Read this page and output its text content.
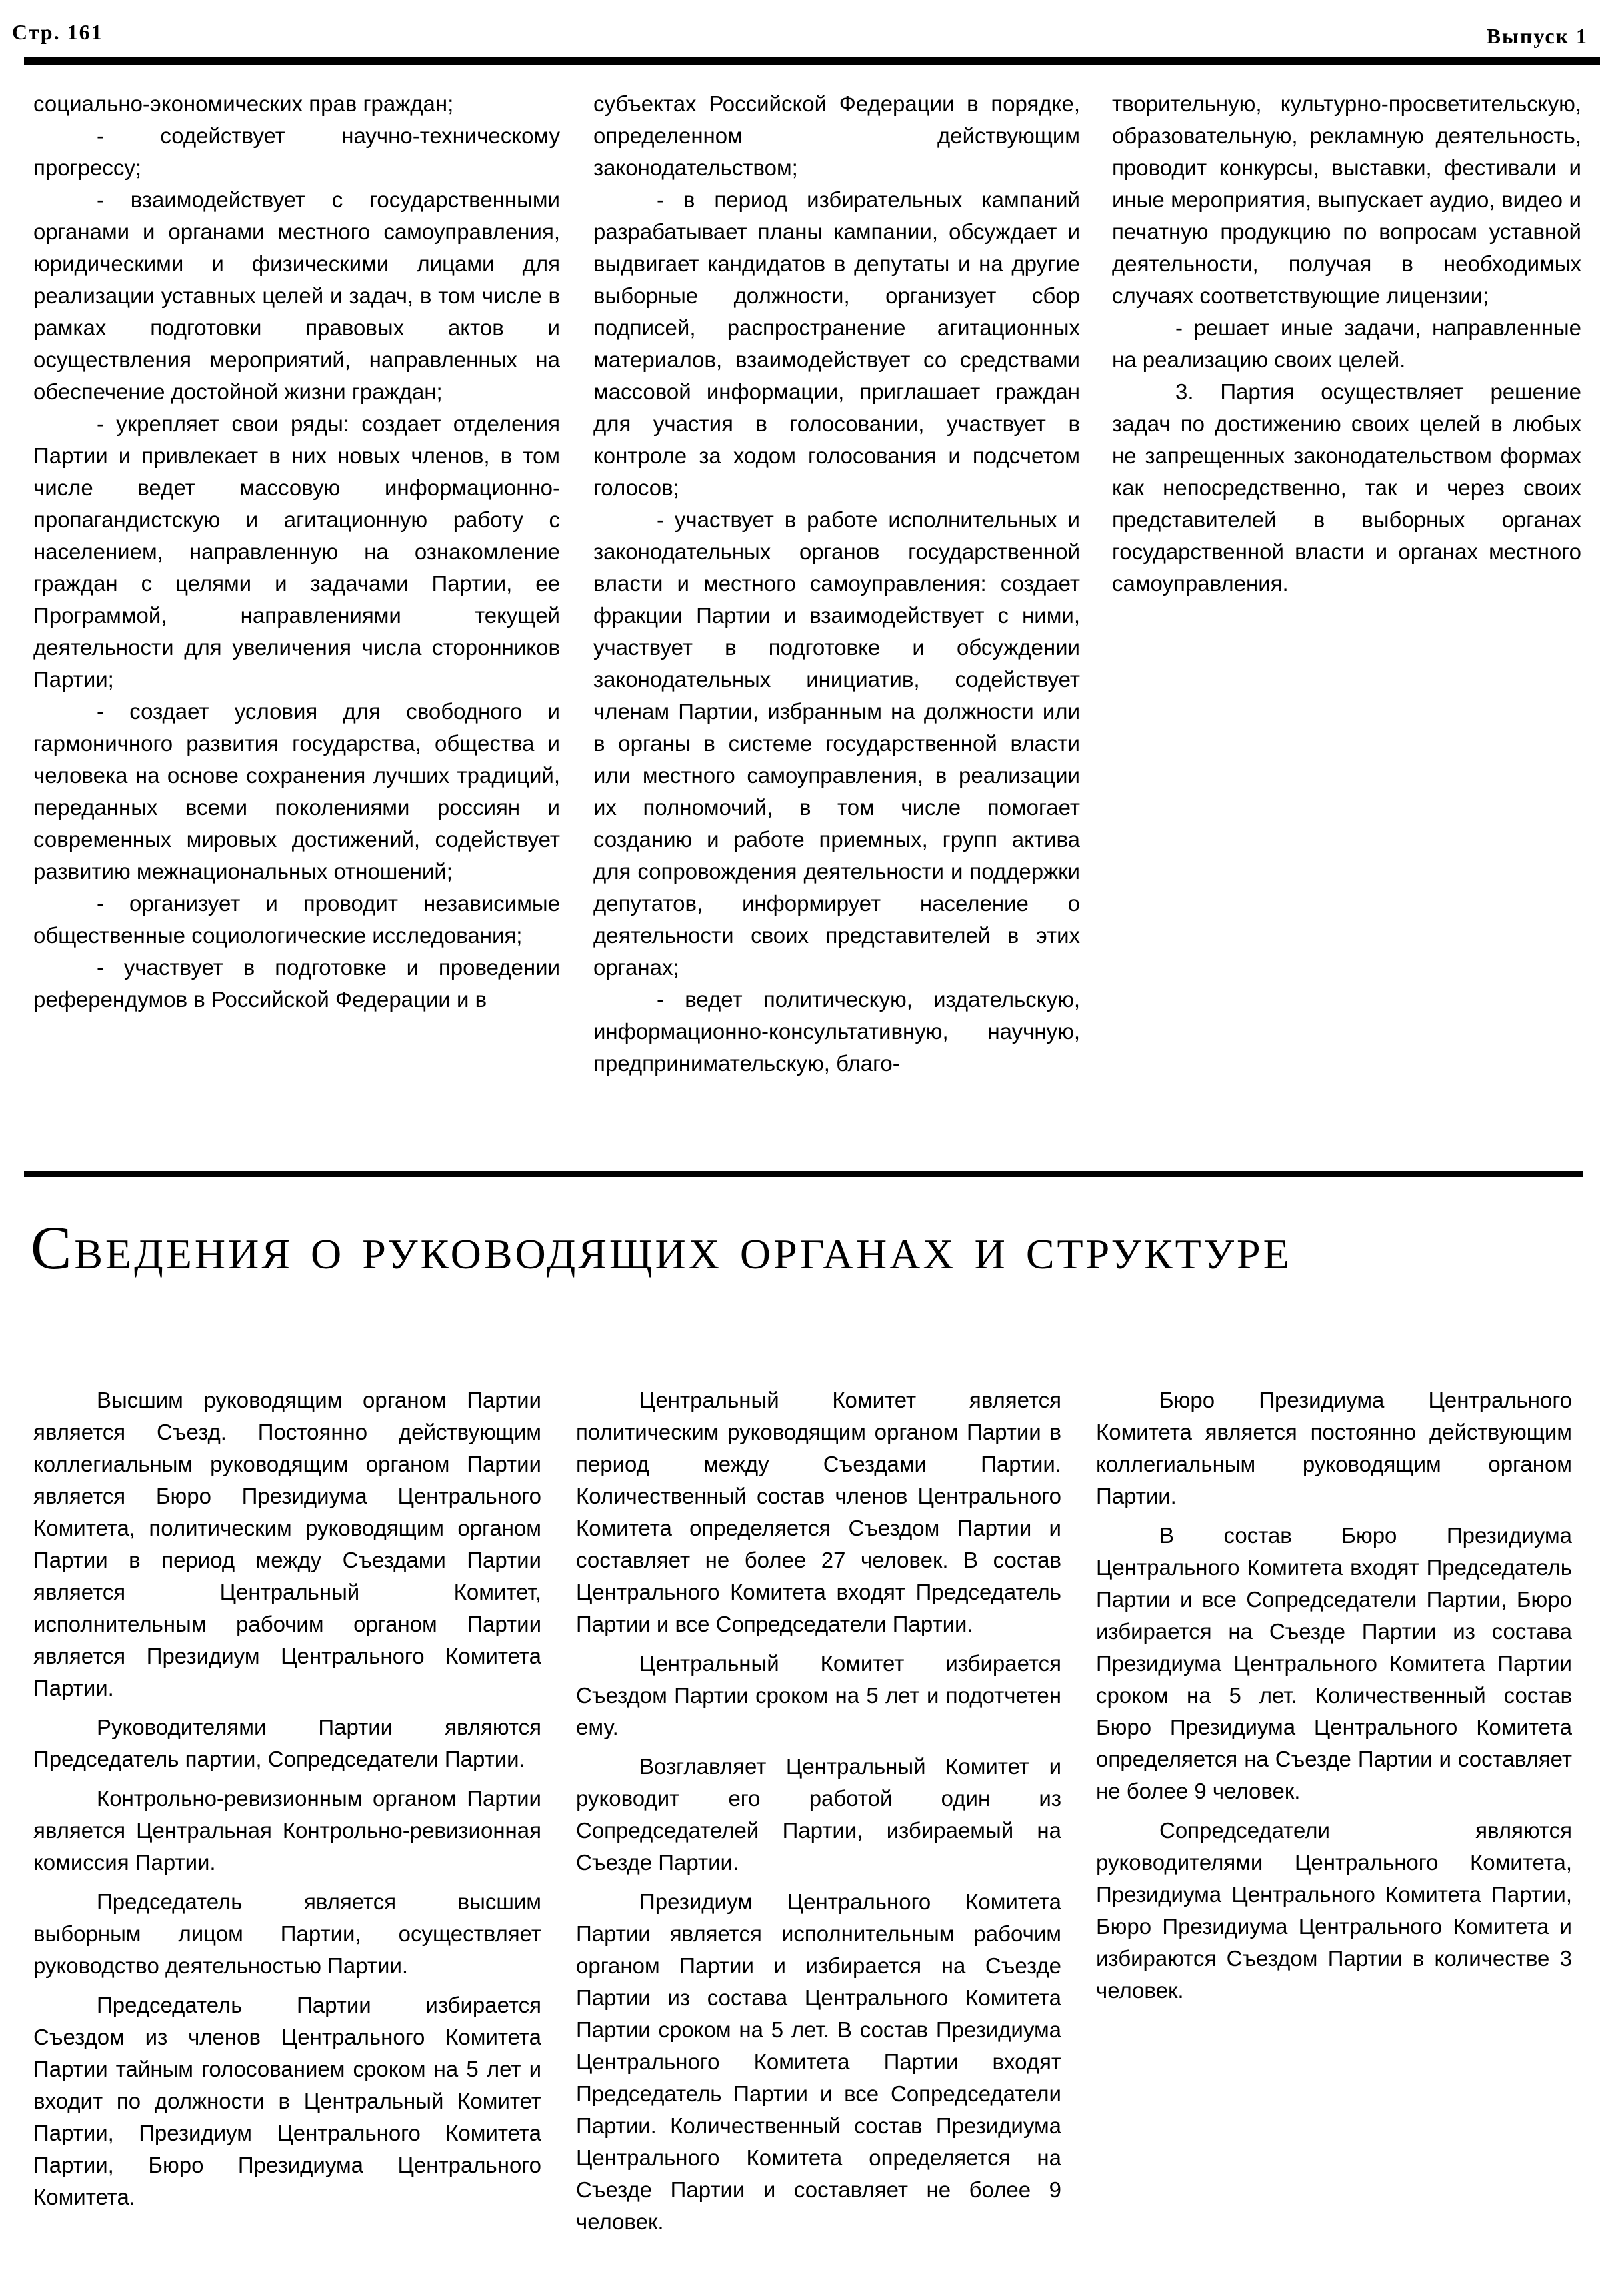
Стр. 161	Выпуск 1

социально-экономических прав граждан;

- содействует научно-техническому прогрессу;

- взаимодействует с государственными органами и органами местного самоуправления, юридическими и физическими лицами для реализации уставных целей и задач, в том числе в рамках подготовки правовых актов и осуществления мероприятий, направленных на обеспечение достойной жизни граждан;

- укрепляет свои ряды: создает отделения Партии и привлекает в них новых членов, в том числе ведет массовую информационно-пропагандистскую и агитационную работу с населением, направленную на ознакомление граждан с целями и задачами Партии, ее Программой, направлениями текущей деятельности для увеличения числа сторонников Партии;

- создает условия для свободного и гармоничного развития государства, общества и человека на основе сохранения лучших традиций, переданных всеми поколениями россиян и современных мировых достижений, содействует развитию межнациональных отношений;

- организует и проводит независимые общественные социологические исследования;

- участвует в подготовке и проведении референдумов в Российской Федерации и в

субъектах Российской Федерации в порядке, определенном действующим законодательством;

- в период избирательных кампаний разрабатывает планы кампании, обсуждает и выдвигает кандидатов в депутаты и на другие выборные должности, организует сбор подписей, распространение агитационных материалов, взаимодействует со средствами массовой информации, приглашает граждан для участия в голосовании, участвует в контроле за ходом голосования и подсчетом голосов;

- участвует в работе исполнительных и законодательных органов государственной власти и местного самоуправления: создает фракции Партии и взаимодействует с ними, участвует в подготовке и обсуждении законодательных инициатив, содействует членам Партии, избранным на должности или в органы в системе государственной власти или местного самоуправления, в реализации их полномочий, в том числе помогает созданию и работе приемных, групп актива для сопровождения деятельности и поддержки депутатов, информирует население о деятельности своих представителей в этих органах;

- ведет политическую, издательскую, информационно-консультативную, научную, предпринимательскую, благо-

творительную, культурно-просветительскую, образовательную, рекламную деятельность, проводит конкурсы, выставки, фестивали и иные мероприятия, выпускает аудио, видео и печатную продукцию по вопросам уставной деятельности, получая в необходимых случаях соответствующие лицензии;

- решает иные задачи, направленные на реализацию своих целей.

3. Партия осуществляет решение задач по достижению своих целей в любых не запрещенных законодательством формах как непосредственно, так и через своих представителей в выборных органах государственной власти и органах местного самоуправления.

Сведения о руководящих органах и структуре

Высшим руководящим органом Партии является Съезд. Постоянно действующим коллегиальным руководящим органом Партии является Бюро Президиума Центрального Комитета, политическим руководящим органом Партии в период между Съездами Партии является Центральный Комитет, исполнительным рабочим органом Партии является Президиум Центрального Комитета Партии.

Руководителями Партии являются Председатель партии, Сопредседатели Партии.

Контрольно-ревизионным органом Партии является Центральная Контрольно-ревизионная комиссия Партии.

Председатель является высшим выборным лицом Партии, осуществляет руководство деятельностью Партии.

Председатель Партии избирается Съездом из членов Центрального Комитета Партии тайным голосованием сроком на 5 лет и входит по должности в Центральный Комитет Партии, Президиум Центрального Комитета Партии, Бюро Президиума Центрального Комитета.

Центральный Комитет является политическим руководящим органом Партии в период между Съездами Партии. Количественный состав членов Центрального Комитета определяется Съездом Партии и составляет не более 27 человек. В состав Центрального Комитета входят Председатель Партии и все Сопредседатели Партии.

Центральный Комитет избирается Съездом Партии сроком на 5 лет и подотчетен ему.

Возглавляет Центральный Комитет и руководит его работой один из Сопредседателей Партии, избираемый на Съезде Партии.

Президиум Центрального Комитета Партии является исполнительным рабочим органом Партии и избирается на Съезде Партии из состава Центрального Комитета Партии сроком на 5 лет. В состав Президиума Центрального Комитета Партии входят Председатель Партии и все Сопредседатели Партии. Количественный состав Президиума Центрального Комитета определяется на Съезде Партии и составляет не более 9 человек.

Бюро Президиума Центрального Комитета является постоянно действующим коллегиальным руководящим органом Партии.

В состав Бюро Президиума Центрального Комитета входят Председатель Партии и все Сопредседатели Партии, Бюро избирается на Съезде Партии из состава Президиума Центрального Комитета Партии сроком на 5 лет. Количественный состав Бюро Президиума Центрального Комитета определяется на Съезде Партии и составляет не более 9 человек.

Сопредседатели являются руководителями Центрального Комитета, Президиума Центрального Комитета Партии, Бюро Президиума Центрального Комитета и избираются Съездом Партии в количестве 3 человек.
